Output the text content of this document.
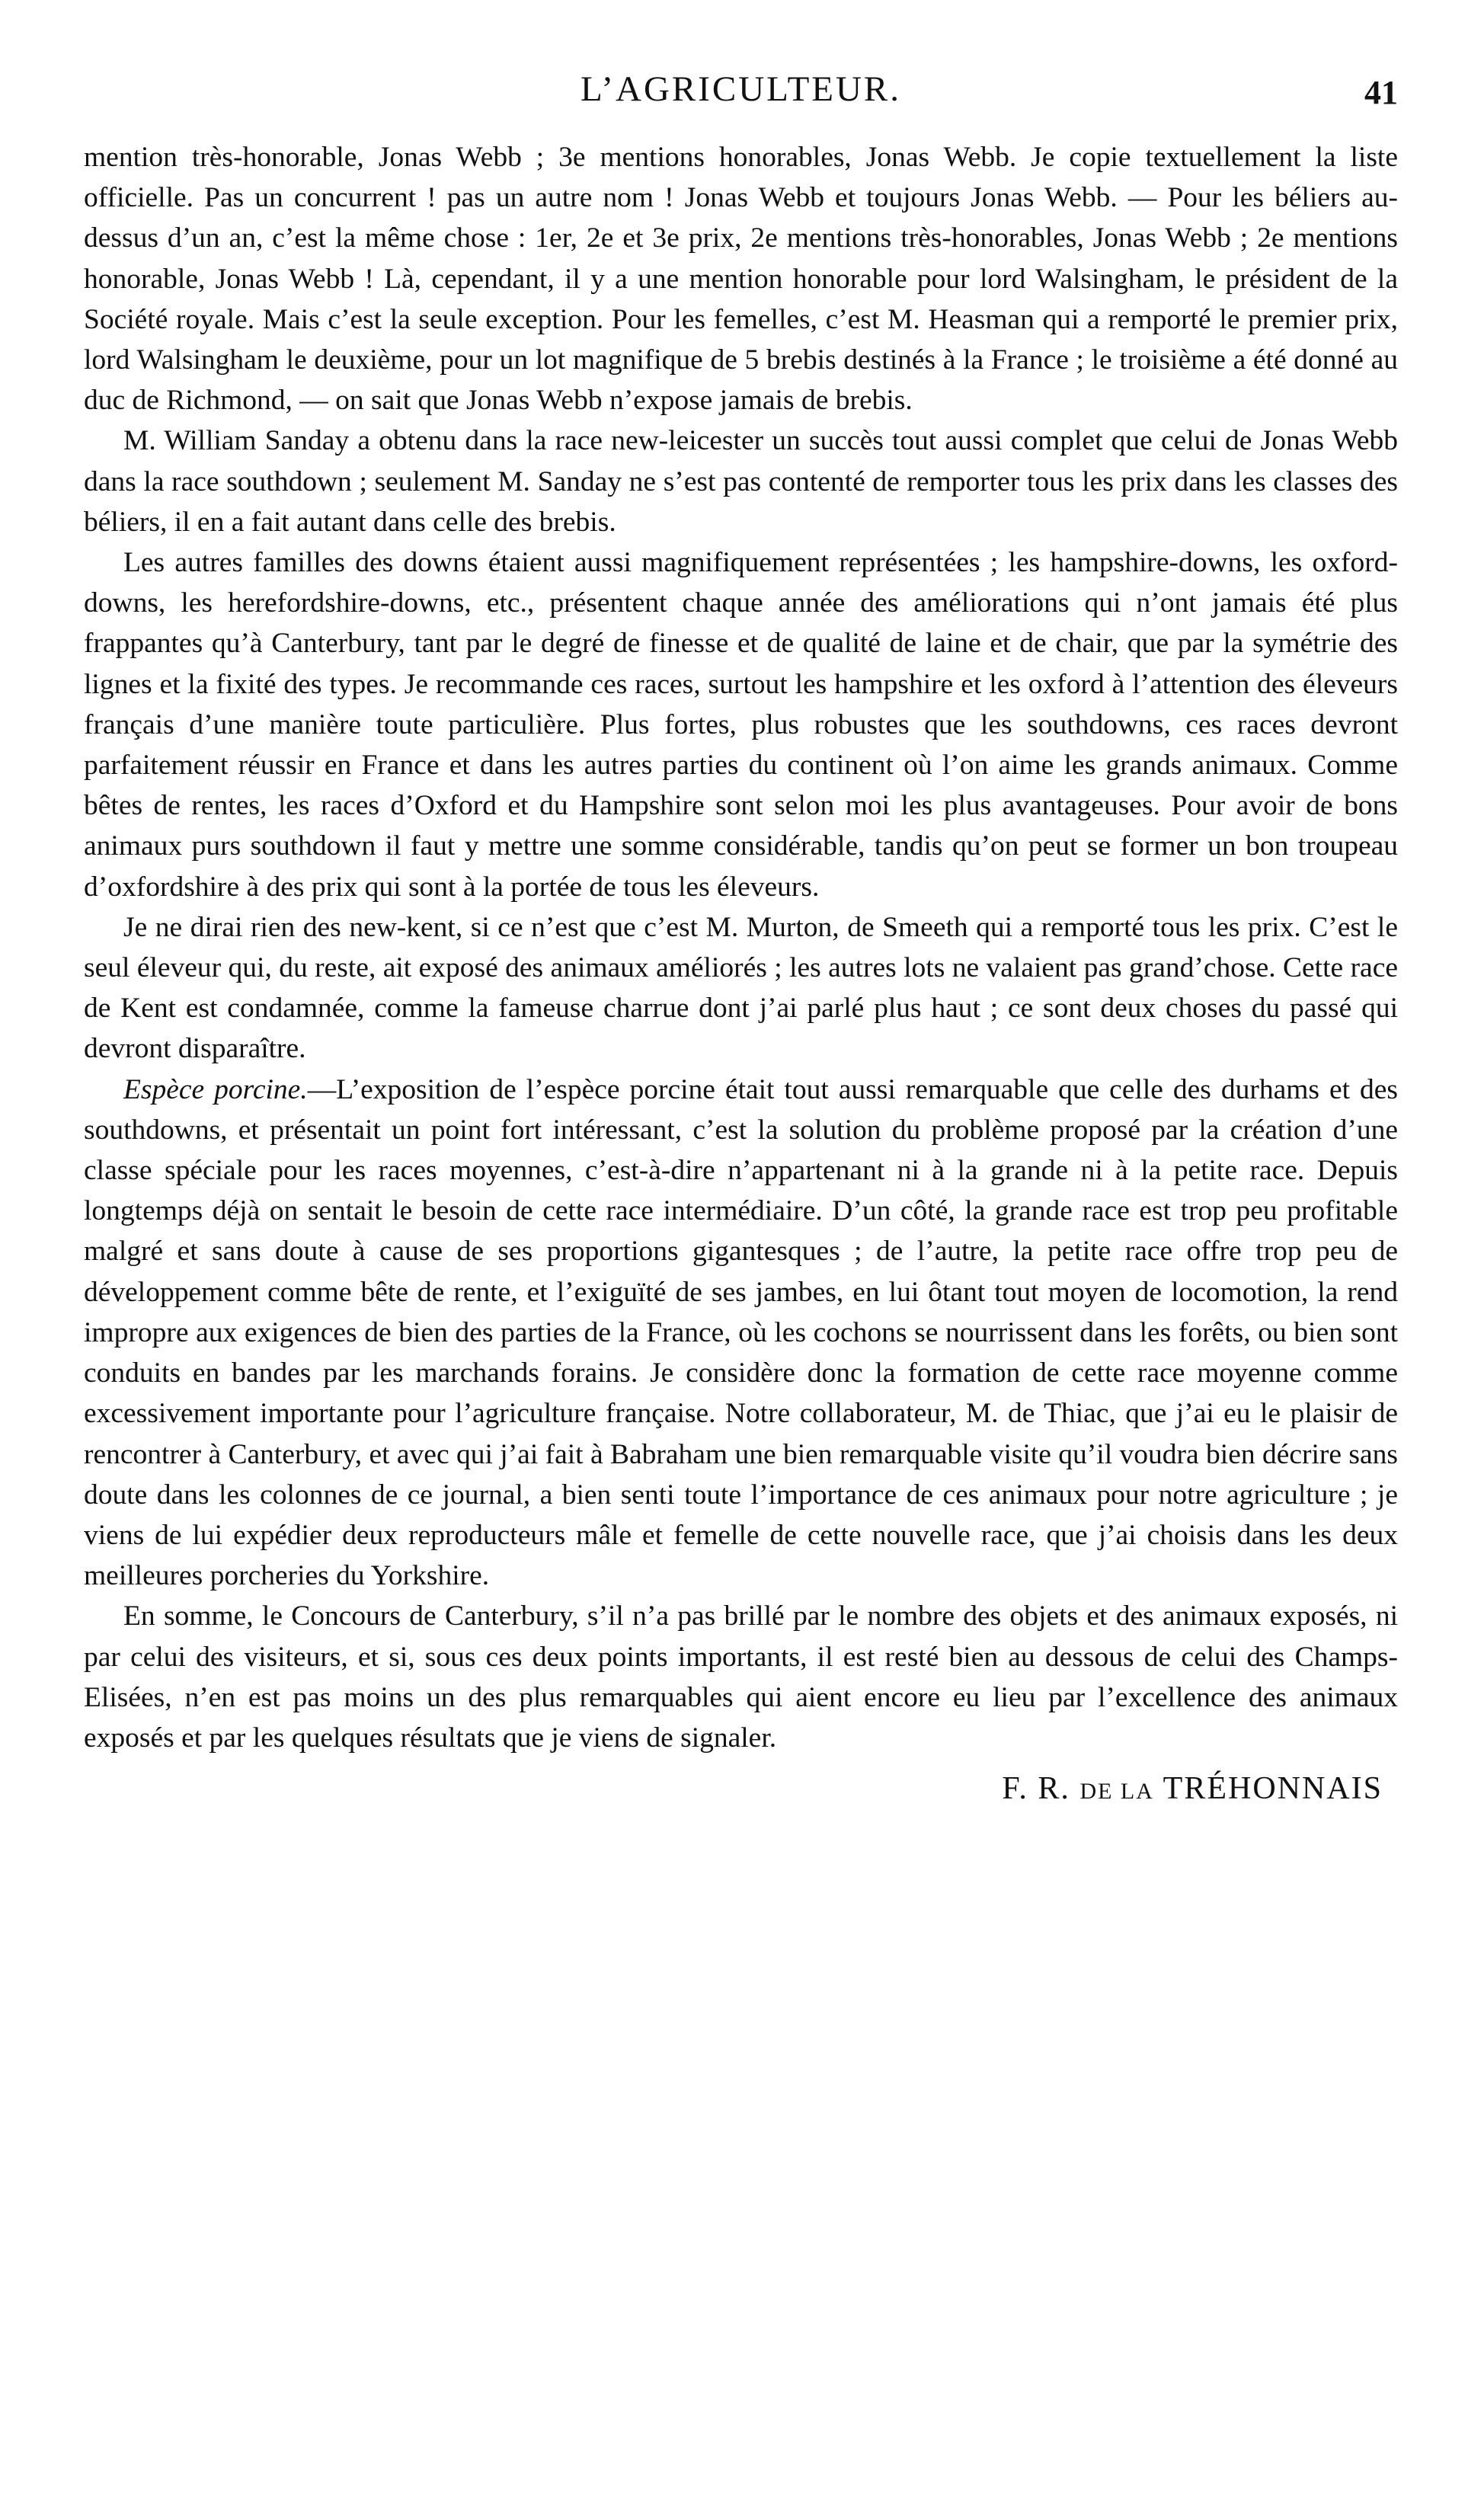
L’AGRICULTEUR.	41

mention très-honorable, Jonas Webb ; 3e mentions honorables, Jonas Webb. Je copie textuellement la liste officielle. Pas un concurrent ! pas un autre nom ! Jonas Webb et toujours Jonas Webb. — Pour les béliers au-dessus d’un an, c’est la même chose : 1er, 2e et 3e prix, 2e mentions très-honorables, Jonas Webb ; 2e mentions honorable, Jonas Webb ! Là, cependant, il y a une mention honorable pour lord Walsingham, le président de la Société royale. Mais c’est la seule exception. Pour les femelles, c’est M. Heasman qui a remporté le premier prix, lord Walsingham le deuxième, pour un lot magnifique de 5 brebis destinés à la France ; le troisième a été donné au duc de Richmond, — on sait que Jonas Webb n’expose jamais de brebis.

M. William Sanday a obtenu dans la race new-leicester un succès tout aussi complet que celui de Jonas Webb dans la race southdown ; seulement M. Sanday ne s’est pas contenté de remporter tous les prix dans les classes des béliers, il en a fait autant dans celle des brebis.

Les autres familles des downs étaient aussi magnifiquement représentées ; les hampshire-downs, les oxford-downs, les herefordshire-downs, etc., présentent chaque année des améliorations qui n’ont jamais été plus frappantes qu’à Canterbury, tant par le degré de finesse et de qualité de laine et de chair, que par la symétrie des lignes et la fixité des types. Je recommande ces races, surtout les hampshire et les oxford à l’attention des éleveurs français d’une manière toute particulière. Plus fortes, plus robustes que les southdowns, ces races devront parfaitement réussir en France et dans les autres parties du continent où l’on aime les grands animaux. Comme bêtes de rentes, les races d’Oxford et du Hampshire sont selon moi les plus avantageuses. Pour avoir de bons animaux purs southdown il faut y mettre une somme considérable, tandis qu’on peut se former un bon troupeau d’oxfordshire à des prix qui sont à la portée de tous les éleveurs.

Je ne dirai rien des new-kent, si ce n’est que c’est M. Murton, de Smeeth qui a remporté tous les prix. C’est le seul éleveur qui, du reste, ait exposé des animaux améliorés ; les autres lots ne valaient pas grand’chose. Cette race de Kent est condamnée, comme la fameuse charrue dont j’ai parlé plus haut ; ce sont deux choses du passé qui devront disparaître.

Espèce porcine.—L’exposition de l’espèce porcine était tout aussi remarquable que celle des durhams et des southdowns, et présentait un point fort intéressant, c’est la solution du problème proposé par la création d’une classe spéciale pour les races moyennes, c’est-à-dire n’appartenant ni à la grande ni à la petite race. Depuis longtemps déjà on sentait le besoin de cette race intermédiaire. D’un côté, la grande race est trop peu profitable malgré et sans doute à cause de ses proportions gigantesques ; de l’autre, la petite race offre trop peu de développement comme bête de rente, et l’exiguïté de ses jambes, en lui ôtant tout moyen de locomotion, la rend impropre aux exigences de bien des parties de la France, où les cochons se nourrissent dans les forêts, ou bien sont conduits en bandes par les marchands forains. Je considère donc la formation de cette race moyenne comme excessivement importante pour l’agriculture française. Notre collaborateur, M. de Thiac, que j’ai eu le plaisir de rencontrer à Canterbury, et avec qui j’ai fait à Babraham une bien remarquable visite qu’il voudra bien décrire sans doute dans les colonnes de ce journal, a bien senti toute l’importance de ces animaux pour notre agriculture ; je viens de lui expédier deux reproducteurs mâle et femelle de cette nouvelle race, que j’ai choisis dans les deux meilleures porcheries du Yorkshire.

En somme, le Concours de Canterbury, s’il n’a pas brillé par le nombre des objets et des animaux exposés, ni par celui des visiteurs, et si, sous ces deux points importants, il est resté bien au dessous de celui des Champs-Elisées, n’en est pas moins un des plus remarquables qui aient encore eu lieu par l’excellence des animaux exposés et par les quelques résultats que je viens de signaler.

F. R. DE LA TRÉHONNAIS
